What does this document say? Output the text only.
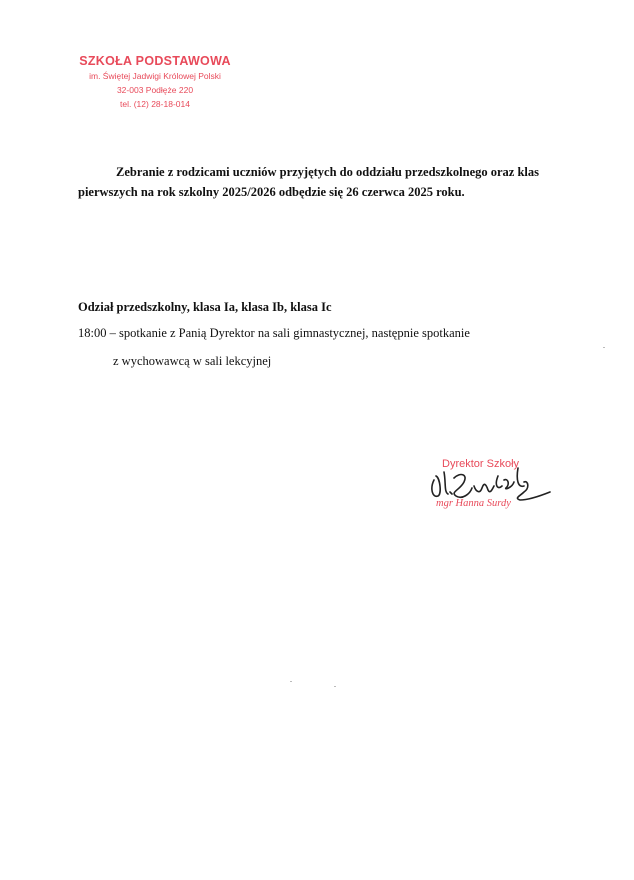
SZKOŁA PODSTAWOWA
im. Świętej Jadwigi Królowej Polski
32-003 Podłęże 220
tel. (12) 28-18-014
Zebranie z rodzicami uczniów przyjętych do oddziału przedszkolnego oraz klas pierwszych na rok szkolny 2025/2026 odbędzie się 26 czerwca 2025 roku.
Odział przedszkolny, klasa Ia, klasa Ib, klasa Ic
18:00 – spotkanie z Panią Dyrektor na sali gimnastycznej, następnie spotkanie
z wychowawcą w sali lekcyjnej
Dyrektor Szkoły
mgr Hanna Surdy
